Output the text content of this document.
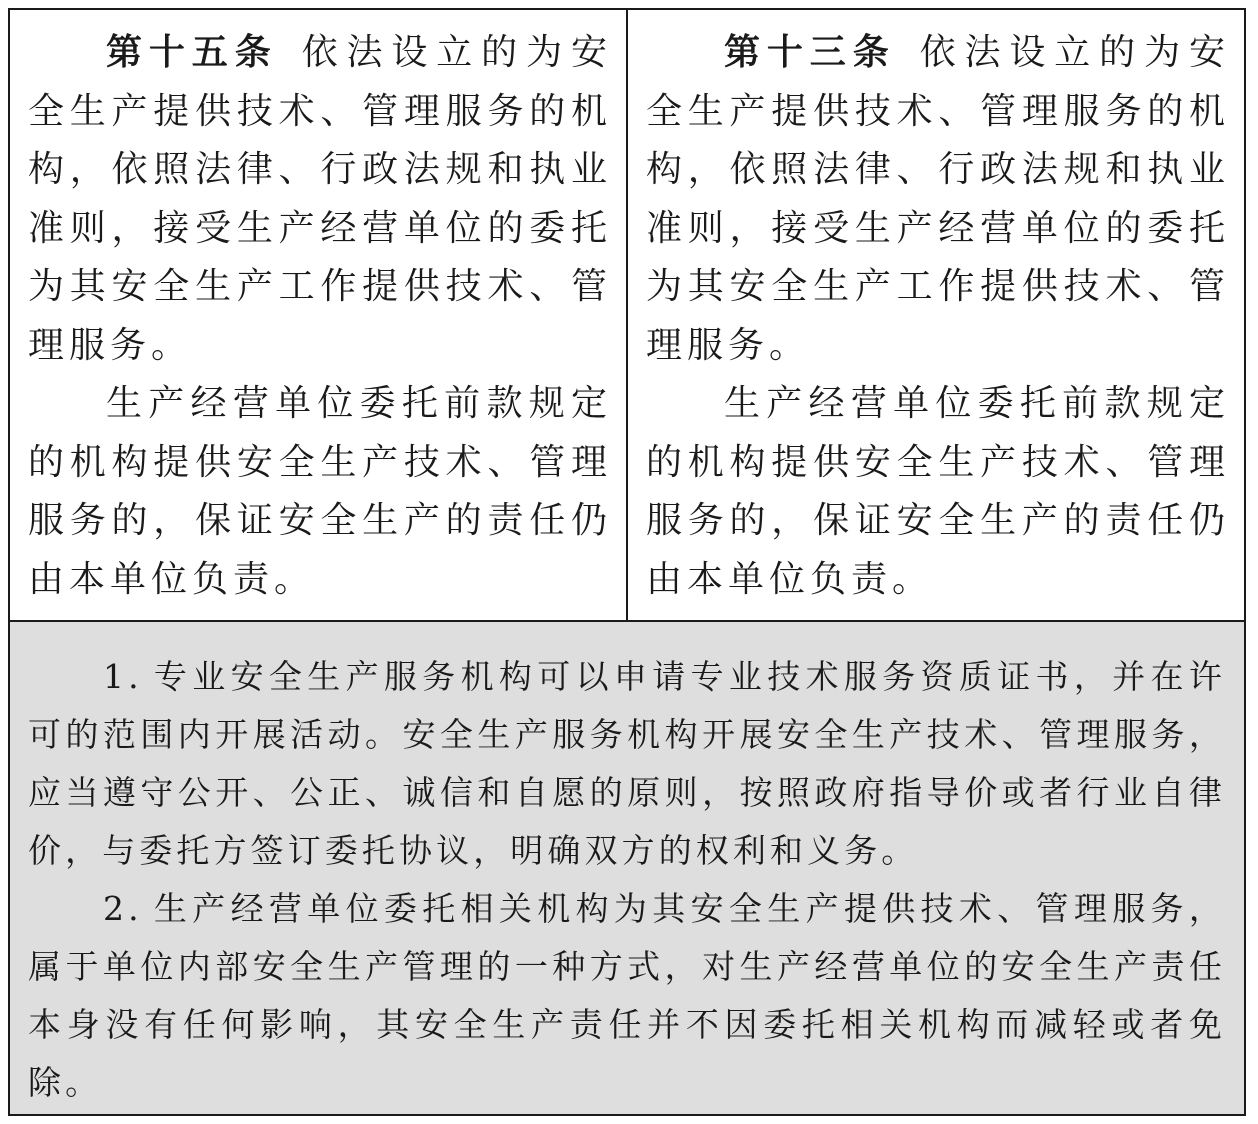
第十五条 依法设立的为安全生产提供技术、管理服务的机构，依照法律、行政法规和执业准则，接受生产经营单位的委托为其安全生产工作提供技术、管理服务。

生产经营单位委托前款规定的机构提供安全生产技术、管理服务的，保证安全生产的责任仍由本单位负责。

第十三条 依法设立的为安全生产提供技术、管理服务的机构，依照法律、行政法规和执业准则，接受生产经营单位的委托为其安全生产工作提供技术、管理服务。

生产经营单位委托前款规定的机构提供安全生产技术、管理服务的，保证安全生产的责任仍由本单位负责。

1. 专业安全生产服务机构可以申请专业技术服务资质证书，并在许可的范围内开展活动。安全生产服务机构开展安全生产技术、管理服务，应当遵守公开、公正、诚信和自愿的原则，按照政府指导价或者行业自律价，与委托方签订委托协议，明确双方的权利和义务。

2. 生产经营单位委托相关机构为其安全生产提供技术、管理服务，属于单位内部安全生产管理的一种方式，对生产经营单位的安全生产责任本身没有任何影响，其安全生产责任并不因委托相关机构而减轻或者免除。
